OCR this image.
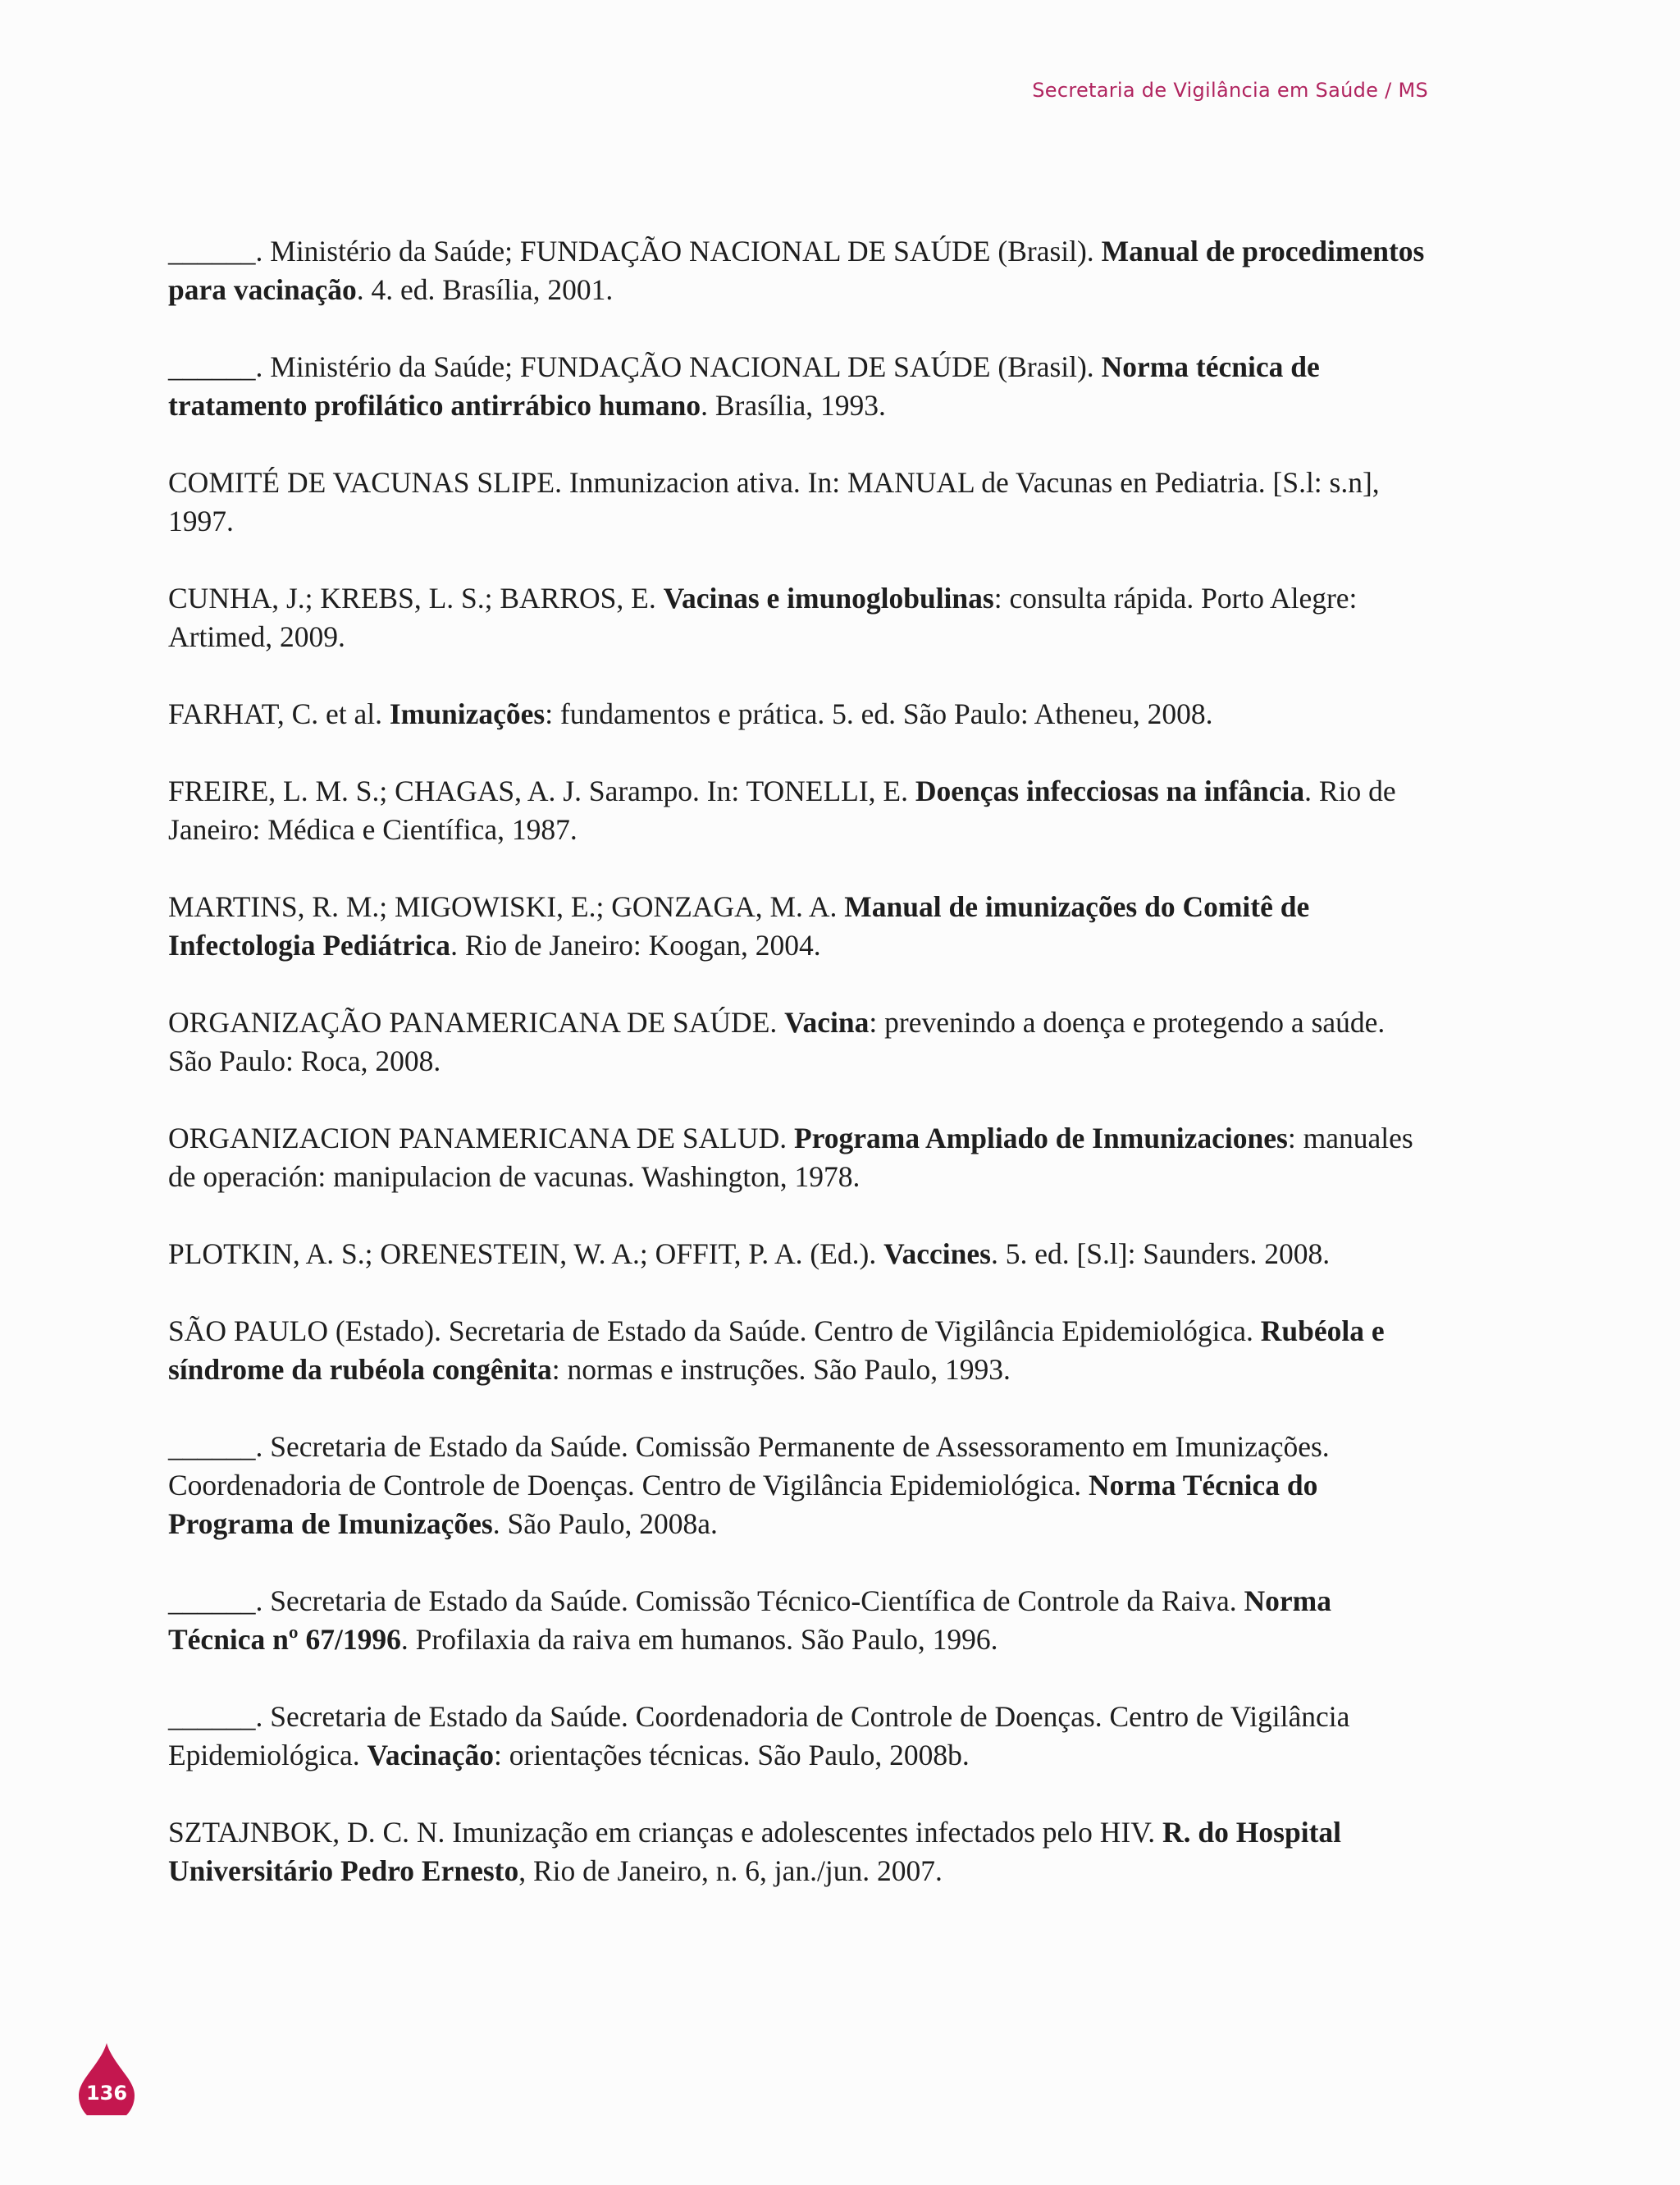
Secretaria de Vigilância em Saúde / MS

______. Ministério da Saúde; FUNDAÇÃO NACIONAL DE SAÚDE (Brasil). Manual de procedimentos para vacinação. 4. ed. Brasília, 2001.

______. Ministério da Saúde; FUNDAÇÃO NACIONAL DE SAÚDE (Brasil). Norma técnica de tratamento profilático antirrábico humano. Brasília, 1993.

COMITÉ DE VACUNAS SLIPE. Inmunizacion ativa. In: MANUAL de Vacunas en Pediatria. [S.l: s.n], 1997.

CUNHA, J.; KREBS, L. S.; BARROS, E. Vacinas e imunoglobulinas: consulta rápida. Porto Alegre: Artimed, 2009.

FARHAT, C. et al. Imunizações: fundamentos e prática. 5. ed. São Paulo: Atheneu, 2008.

FREIRE, L. M. S.; CHAGAS, A. J. Sarampo. In: TONELLI, E. Doenças infecciosas na infância. Rio de Janeiro: Médica e Científica, 1987.

MARTINS, R. M.; MIGOWISKI, E.; GONZAGA, M. A. Manual de imunizações do Comitê de Infectologia Pediátrica. Rio de Janeiro: Koogan, 2004.

ORGANIZAÇÃO PANAMERICANA DE SAÚDE. Vacina: prevenindo a doença e protegendo a saúde. São Paulo: Roca, 2008.

ORGANIZACION PANAMERICANA DE SALUD. Programa Ampliado de Inmunizaciones: manuales de operación: manipulacion de vacunas. Washington, 1978.

PLOTKIN, A. S.; ORENESTEIN, W. A.; OFFIT, P. A. (Ed.). Vaccines. 5. ed. [S.l]: Saunders. 2008.

SÃO PAULO (Estado). Secretaria de Estado da Saúde. Centro de Vigilância Epidemiológica. Rubéola e síndrome da rubéola congênita: normas e instruções. São Paulo, 1993.

______. Secretaria de Estado da Saúde. Comissão Permanente de Assessoramento em Imunizações. Coordenadoria de Controle de Doenças. Centro de Vigilância Epidemiológica. Norma Técnica do Programa de Imunizações. São Paulo, 2008a.

______. Secretaria de Estado da Saúde. Comissão Técnico-Científica de Controle da Raiva. Norma Técnica nº 67/1996. Profilaxia da raiva em humanos. São Paulo, 1996.

______. Secretaria de Estado da Saúde. Coordenadoria de Controle de Doenças. Centro de Vigilância Epidemiológica. Vacinação: orientações técnicas. São Paulo, 2008b.

SZTAJNBOK, D. C. N. Imunização em crianças e adolescentes infectados pelo HIV. R. do Hospital Universitário Pedro Ernesto, Rio de Janeiro, n. 6, jan./jun. 2007.

136
